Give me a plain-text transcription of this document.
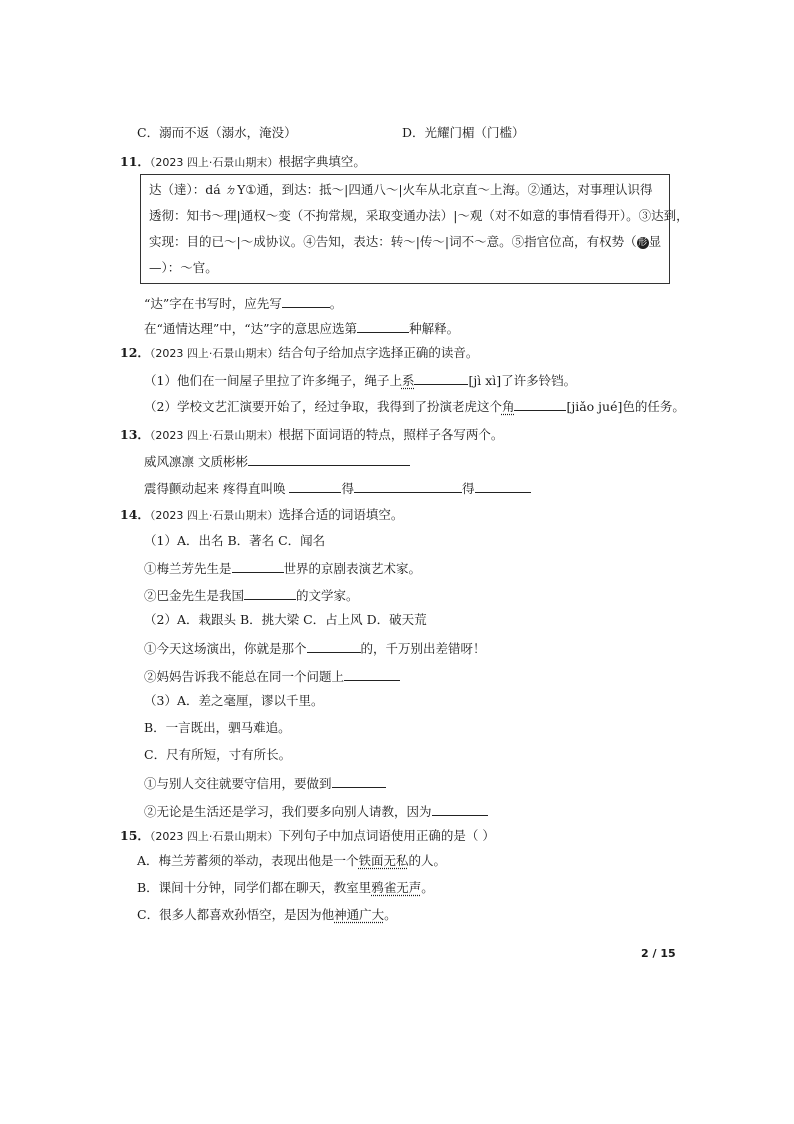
C．溺而不返（溺水，淹没）	D．光耀门楣（门槛）
11．（2023 四上·石景山期末）根据字典填空。
达（達）：dá ㄉY①通，到达：抵～|四通八～|火车从北京直～上海。②通达，对事理认识得
透彻：知书～理|通权～变（不拘常规，采取变通办法）|～观（对不如意的事情看得开）。③达到，
实现：目的已～|～成协议。④告知，表达：转～|传～|词不～意。⑤指官位高，有权势（形 显
—）：～官。
“达”字在书写时，应先写	。
在“通情达理”中，“达”字的意思应选第	种解释。
12．（2023 四上·石景山期末）结合句子给加点字选择正确的读音。
（1）他们在一间屋子里拉了许多绳子，绳子上系	[jì xì]了许多铃铛。
（2）学校文艺汇演要开始了，经过争取，我得到了扮演老虎这个角	[jiǎo jué]色的任务。
13．（2023 四上·石景山期末）根据下面词语的特点，照样子各写两个。
威风凛凛 文质彬彬
震得颤动起来 疼得直叫唤	得	得
14．（2023 四上·石景山期末）选择合适的词语填空。
（1）A．出名 B．著名 C．闻名
①梅兰芳先生是	世界的京剧表演艺术家。
②巴金先生是我国	的文学家。
（2）A．栽跟头 B．挑大梁 C．占上风 D．破天荒
①今天这场演出，你就是那个	的，千万别出差错呀！
②妈妈告诉我不能总在同一个问题上
（3）A．差之毫厘，谬以千里。
B．一言既出，驷马难追。
C．尺有所短，寸有所长。
①与别人交往就要守信用，要做到
②无论是生活还是学习，我们要多向别人请教，因为
15．（2023 四上·石景山期末）下列句子中加点词语使用正确的是（ ）
A．梅兰芳蓄须的举动，表现出他是一个铁面无私的人。
B．课间十分钟，同学们都在聊天，教室里鸦雀无声。
C．很多人都喜欢孙悟空，是因为他神通广大。
2 / 15
